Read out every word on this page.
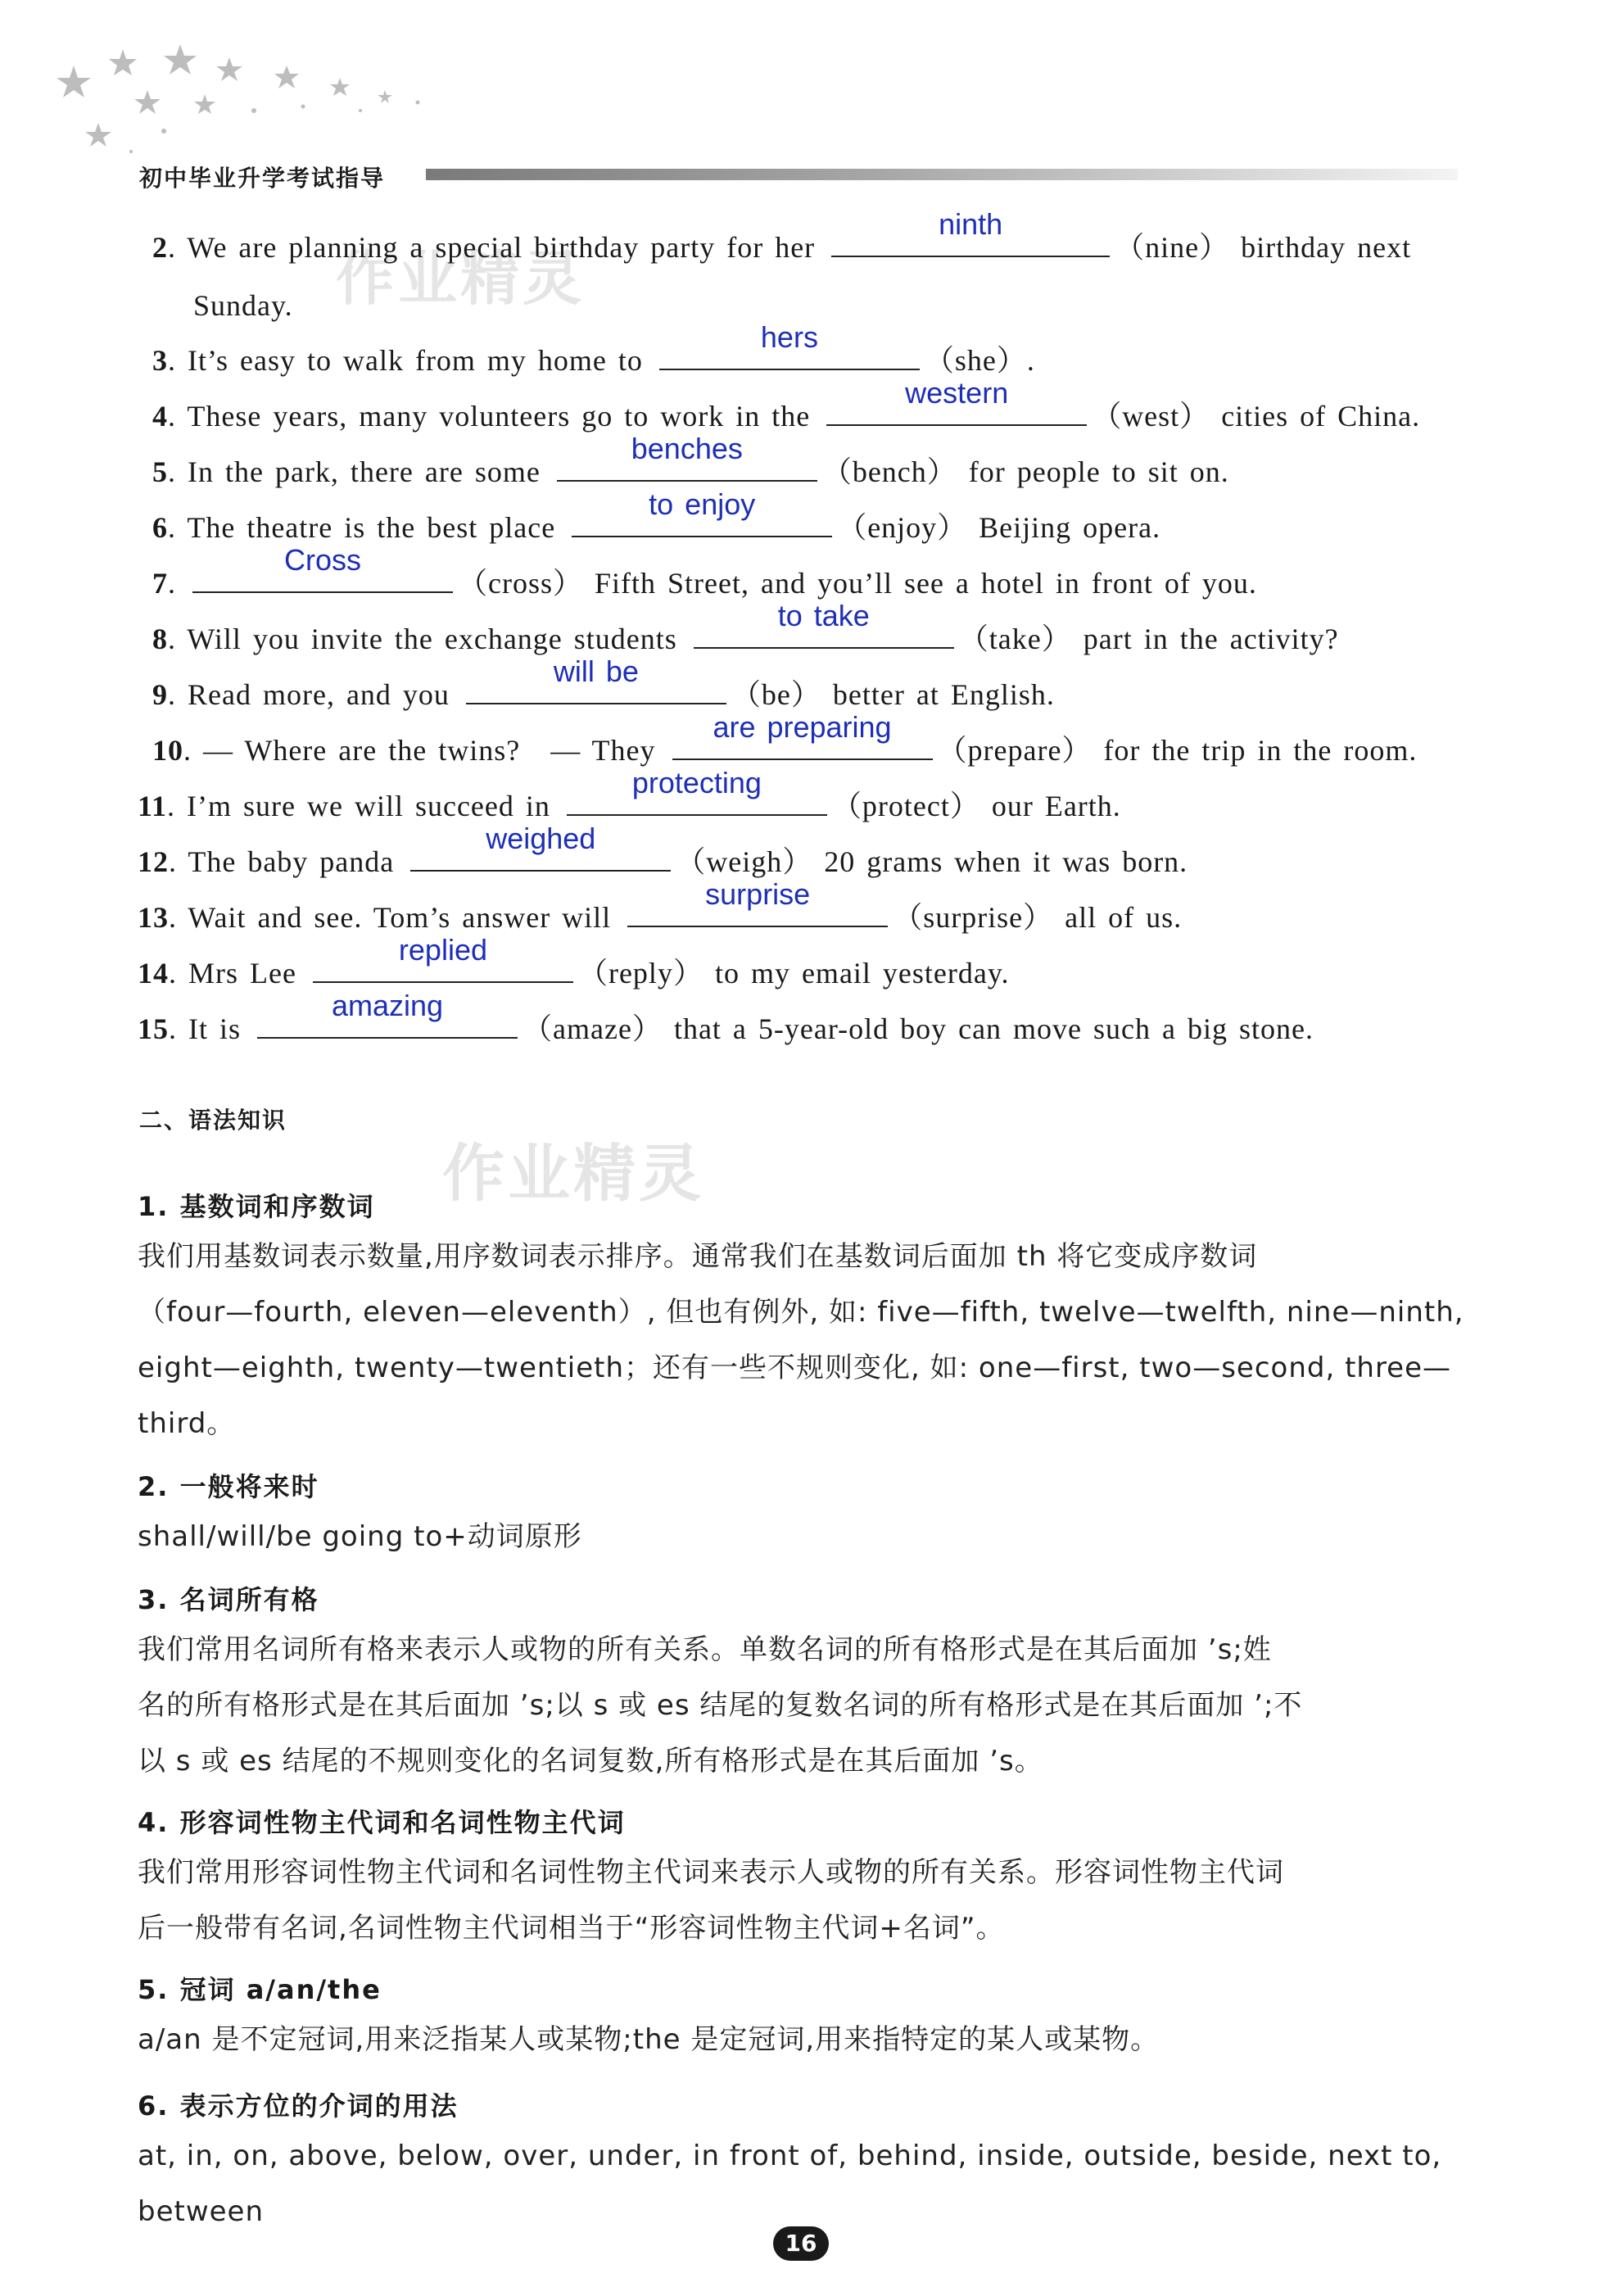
初中毕业升学考试指导
作业精灵
作业精灵
2. We are planning a special birthday party for her
ninth
（nine） birthday next
Sunday.
3. It’s easy to walk from my home to
hers
（she）.
4. These years, many volunteers go to work in the
western
（west） cities of China.
5. In the park, there are some
benches
（bench） for people to sit on.
6. The theatre is the best place
to enjoy
（enjoy） Beijing opera.
7.
Cross
（cross） Fifth Street, and you’ll see a hotel in front of you.
8. Will you invite the exchange students
to take
（take） part in the activity?
9. Read more, and you
will be
（be） better at English.
10. — Where are the twins?　— They
are preparing
（prepare） for the trip in the room.
11. I’m sure we will succeed in
protecting
（protect） our Earth.
12. The baby panda
weighed
（weigh） 20 grams when it was born.
13. Wait and see. Tom’s answer will
surprise
（surprise） all of us.
14. Mrs Lee
replied
（reply） to my email yesterday.
15. It is
amazing
（amaze） that a 5-year-old boy can move such a big stone.
二、语法知识
1. 基数词和序数词
我们用基数词表示数量,用序数词表示排序。通常我们在基数词后面加 th 将它变成序数词
（four—fourth, eleven—eleventh）, 但也有例外, 如: five—fifth, twelve—twelfth, nine—ninth,
eight—eighth, twenty—twentieth；还有一些不规则变化, 如: one—first, two—second, three—
third。
2. 一般将来时
shall/will/be going to+动词原形
3. 名词所有格
我们常用名词所有格来表示人或物的所有关系。单数名词的所有格形式是在其后面加 ’s;姓
名的所有格形式是在其后面加 ’s;以 s 或 es 结尾的复数名词的所有格形式是在其后面加 ’;不
以 s 或 es 结尾的不规则变化的名词复数,所有格形式是在其后面加 ’s。
4. 形容词性物主代词和名词性物主代词
我们常用形容词性物主代词和名词性物主代词来表示人或物的所有关系。形容词性物主代词
后一般带有名词,名词性物主代词相当于“形容词性物主代词+名词”。
5. 冠词 a/an/the
a/an 是不定冠词,用来泛指某人或某物;the 是定冠词,用来指特定的某人或某物。
6. 表示方位的介词的用法
at, in, on, above, below, over, under, in front of, behind, inside, outside, beside, next to, between
16
